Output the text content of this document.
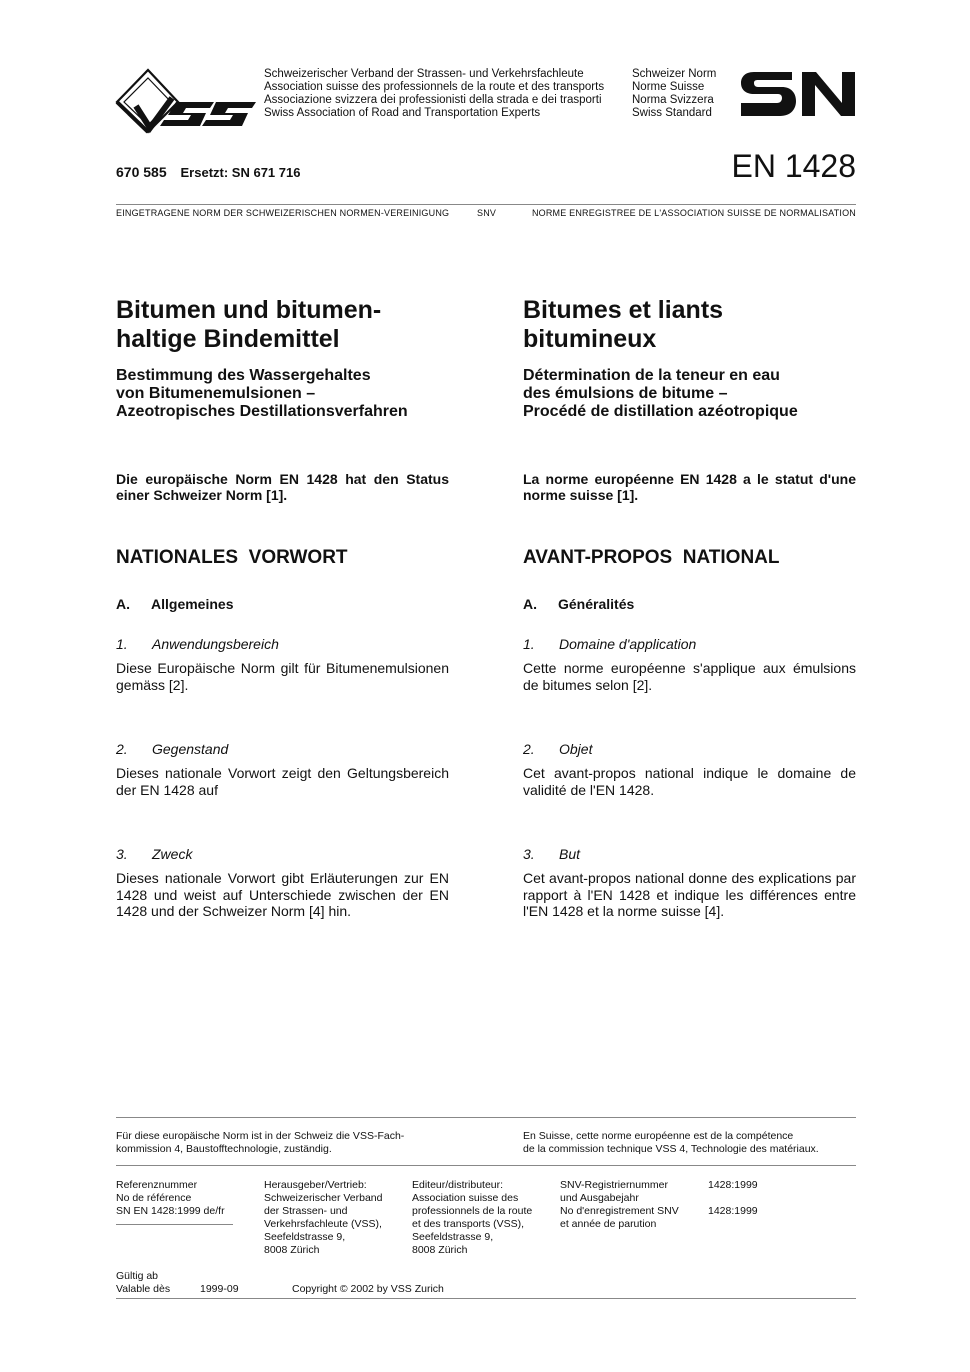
Schweizerischer Verband der Strassen- und Verkehrsfachleute
Association suisse des professionnels de la route et des transports
Associazione svizzera dei professionisti della strada e dei trasporti
Swiss Association of Road and Transportation Experts
Schweizer Norm
Norme Suisse
Norma Svizzera
Swiss Standard
670 585 Ersetzt: SN 671 716	EN 1428
EINGETRAGENE NORM DER SCHWEIZERISCHEN NORMEN-VEREINIGUNG	SNV	NORME ENREGISTREE DE L'ASSOCIATION SUISSE DE NORMALISATION
Bitumen und bitumen-
haltige Bindemittel
Bestimmung des Wassergehaltes
von Bitumenemulsionen –
Azeotropisches Destillationsverfahren
Die europäische Norm EN 1428 hat den Status einer Schweizer Norm [1].
NATIONALES  VORWORT
A. Allgemeines
1. Anwendungsbereich
Diese Europäische Norm gilt für Bitumenemulsionen gemäss [2].
2. Gegenstand
Dieses nationale Vorwort zeigt den Geltungsbereich der EN 1428 auf
3. Zweck
Dieses nationale Vorwort gibt Erläuterungen zur EN 1428 und weist auf Unterschiede zwischen der EN 1428 und der Schweizer Norm [4] hin.
Bitumes et liants
bitumineux
Détermination de la teneur en eau
des émulsions de bitume –
Procédé de distillation azéotropique
La norme européenne EN 1428 a le statut d'une norme suisse [1].
AVANT-PROPOS  NATIONAL
A. Généralités
1. Domaine d'application
Cette norme européenne s'applique aux émulsions de bitumes selon [2].
2. Objet
Cet avant-propos national indique le domaine de validité de l'EN 1428.
3. But
Cet avant-propos national donne des explications par rapport à l'EN 1428 et indique les différences entre l'EN 1428 et la norme suisse [4].
Für diese europäische Norm ist in der Schweiz die VSS-Fach-
kommission 4, Baustofftechnologie, zuständig.
En Suisse, cette norme européenne est de la compétence
de la commission technique VSS 4, Technologie des matériaux.
Referenznummer
No de référence
SN EN 1428:1999 de/fr
Herausgeber/Vertrieb:
Schweizerischer Verband
der Strassen- und
Verkehrsfachleute (VSS),
Seefeldstrasse 9,
8008 Zürich
Editeur/distributeur:
Association suisse des
professionnels de la route
et des transports (VSS),
Seefeldstrasse 9,
8008 Zürich
SNV-Registriernummer
und Ausgabejahr
No d'enregistrement SNV
et année de parution
1428:1999
1428:1999
Gültig ab
Valable dès	1999-09	Copyright © 2002 by VSS Zurich
